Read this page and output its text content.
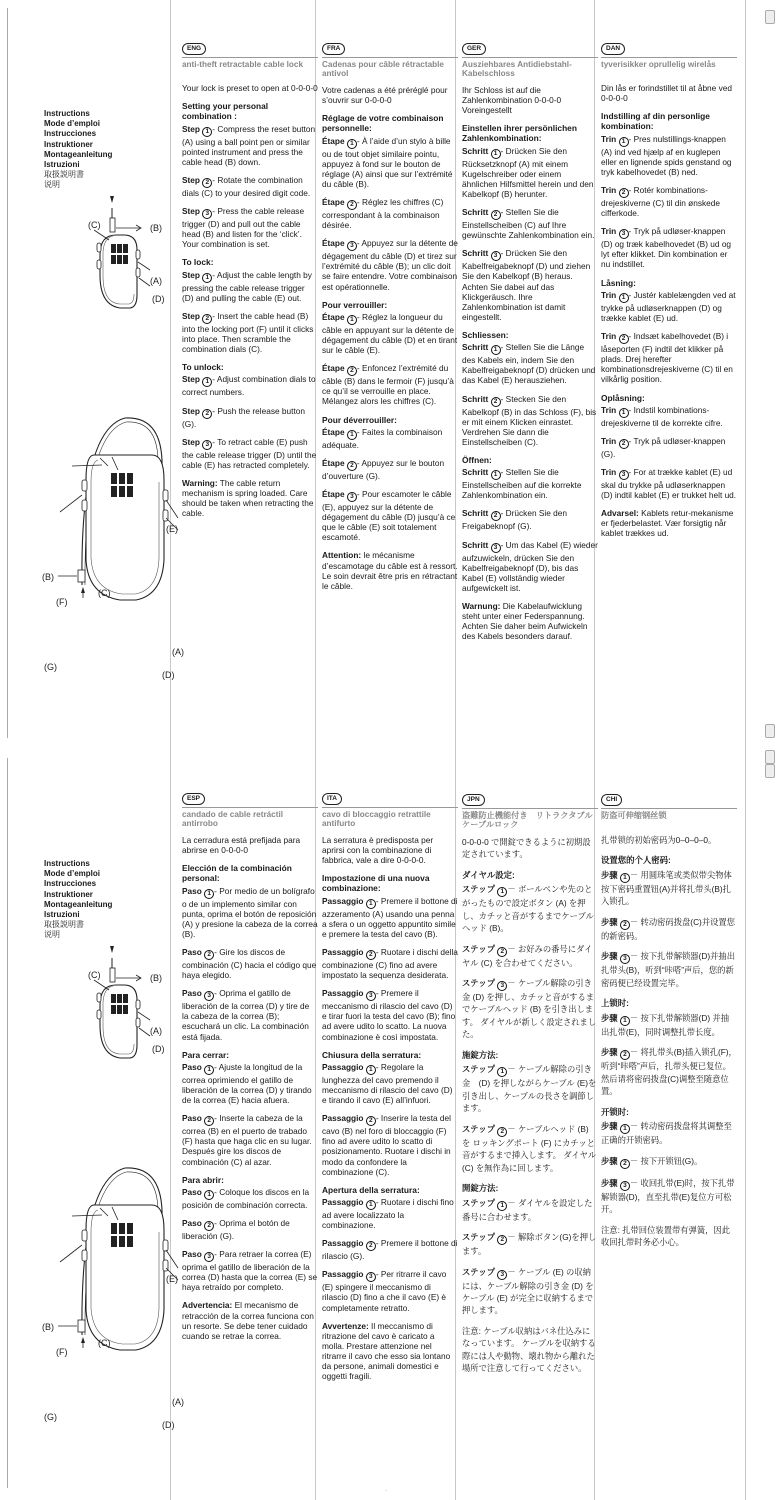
Instructions
Mode d’emploi
Instrucciones
Instruktioner
Montageanleitung
Istruzioni
取扱説明書
说明
(C)	(B)
(A)
(D)
(E)
(B)
(C)
(F)
(G)
(A)
(D)
ENG
anti-theft retractable cable lock

Your lock is preset to open at 0-0-0-0

Setting your personal combination :

Step 1 - Compress the reset button (A) using a ball point pen or similar pointed instrument and press the cable head (B) down.

Step 2 - Rotate the combination dials (C) to your desired digit code.

Step 3 - Press the cable release trigger (D) and pull out the cable head (B) and listen for the ‘click’. Your combination is set.

To lock:

Step 1 - Adjust the cable length by pressing the cable release trigger (D) and pulling the cable (E) out.

Step 2 - Insert the cable head (B) into the locking port (F) until it clicks into place. Then scramble the combination dials (C).

To unlock:

Step 1 - Adjust combination dials to correct numbers.

Step 2 - Push the release button (G).

Step 3 - To retract cable (E) push the cable release trigger (D) until the cable (E) has retracted completely.

Warning: The cable return mechanism is spring loaded. Care should be taken when retracting the cable.

FRA
Cadenas pour câble rétractable antivol

Votre cadenas a été préréglé pour s’ouvrir sur 0-0-0-0

Réglage de votre combinaison personnelle:

Étape 1 - À l’aide d’un stylo à bille ou de tout objet similaire pointu, appuyez à fond sur le bouton de réglage (A) ainsi que sur l’extrémité du câble (B).

Étape 2 - Réglez les chiffres (C) correspondant à la combinaison désirée.

Étape 3 - Appuyez sur la détente de dégagement du câble (D) et tirez sur l’extrémité du câble (B); un clic doit se faire entendre. Votre combinaison est opérationnelle.

Pour verrouiller:

Étape 1 - Réglez la longueur du câble en appuyant sur la détente de dégagement du câble (D) et en tirant sur le câble (E).

Étape 2 - Enfoncez l’extrémité du câble (B) dans le fermoir (F) jusqu’à ce qu’il se verrouille en place. Mélangez alors les chiffres (C).

Pour déverrouiller:

Étape 1 - Faites la combinaison adéquate.

Étape 2 - Appuyez sur le bouton d’ouverture (G).

Étape 3 - Pour escamoter le câble (E), appuyez sur la détente de dégagement du câble (D) jusqu’à ce que le câble (E) soit totalement escamoté.

Attention: le mécanisme d’escamotage du câble est à ressort. Le soin devrait être pris en rétractant le câble.

GER
Ausziehbares Antidiebstahl-Kabelschloss

Ihr Schloss ist auf die Zahlenkombination 0-0-0-0 Voreingestellt

Einstellen ihrer persönlichen Zahlenkombination:

Schritt 1 - Drücken Sie den Rücksetzknopf (A) mit einem Kugelschreiber oder einem ähnlichen Hilfsmittel herein und den Kabelkopf (B) herunter.

Schritt 2 - Stellen Sie die Einstellscheiben (C) auf Ihre gewünschte Zahlenkombination ein.

Schritt 3 - Drücken Sie den Kabelfreigabeknopf (D) und ziehen Sie den Kabelkopf (B) heraus. Achten Sie dabei auf das Klickgeräusch. Ihre Zahlenkombination ist damit eingestellt.

Schliessen:

Schritt 1 - Stellen Sie die Länge des Kabels ein, indem Sie den Kabelfreigabeknopf (D) drücken und das Kabel (E) herausziehen.

Schritt 2 - Stecken Sie den Kabelkopf (B) in das Schloss (F), bis er mit einem Klicken einrastet. Verdrehen Sie dann die Einstellscheiben (C).

Öffnen:

Schritt 1 - Stellen Sie die Einstellscheiben auf die korrekte Zahlenkombination ein.

Schritt 2 - Drücken Sie den Freigabeknopf (G).

Schritt 3 - Um das Kabel (E) wieder aufzuwickeln, drücken Sie den Kabelfreigabeknopf (D), bis das Kabel (E) vollständig wieder aufgewickelt ist.

Warnung: Die Kabelaufwicklung steht unter einer Federspannung. Achten Sie daher beim Aufwickeln des Kabels besonders darauf.

DAN
tyverisikker oprullelig wirelås

Din lås er forindstillet til at åbne ved 0-0-0-0

Indstilling af din personlige kombination:

Trin 1 - Pres nulstillings-knappen (A) ind ved hjælp af en kuglepen eller en lignende spids genstand og tryk kabelhovedet (B) ned.

Trin 2 - Rotér kombinations-drejeskiverne (C) til din ønskede cifferkode.

Trin 3 - Tryk på udløser-knappen (D) og træk kabelhovedet (B) ud og lyt efter klikket. Din kombination er nu indstillet.

Låsning:

Trin 1 - Justér kablelængden ved at trykke på udløserknappen (D) og trække kablet (E) ud.

Trin 2 - Indsæt kabelhovedet (B) i låseporten (F) indtil det klikker på plads. Drej herefter kombinationsdrejeskiverne (C) til en vilkårlig position.

Oplåsning:

Trin 1 - Indstil kombinations-drejeskiverne til de korrekte cifre.

Trin 2 - Tryk på udløser-knappen (G).

Trin 3 - For at trække kablet (E) ud skal du trykke på udløserknappen (D) indtil kablet (E) er trukket helt ud.

Advarsel: Kablets retur-mekanisme er fjederbelastet. Vær forsigtig når kablet trækkes ud.

Instructions
Mode d’emploi
Instrucciones
Instruktioner
Montageanleitung
Istruzioni
取扱説明書
说明
(C)	(B)
(A)
(D)
(E)
(B)
(C)
(F)
(G)
(A)
(D)
ESP
candado de cable retráctil antirrobo

La cerradura está prefijada para abrirse en 0-0-0-0

Elección de la combinación personal:

Paso 1 - Por medio de un bolígrafo o de un implemento similar con punta, oprima el botón de reposición (A) y presione la cabeza de la correa (B).

Paso 2 - Gire los discos de combinación (C) hacia el código que haya elegido.

Paso 3 - Oprima el gatillo de liberación de la correa (D) y tire de la cabeza de la correa (B); escuchará un clic. La combinación está fijada.

Para cerrar:

Paso 1 - Ajuste la longitud de la correa oprimiendo el gatillo de liberación de la correa (D) y tirando de la correa (E) hacia afuera.

Paso 2 - Inserte la cabeza de la correa (B) en el puerto de trabado (F) hasta que haga clic en su lugar. Después gire los discos de combinación (C) al azar.

Para abrir:

Paso 1 - Coloque los discos en la posición de combinación correcta.

Paso 2 - Oprima el botón de liberación (G).

Paso 3 - Para retraer la correa (E) oprima el gatillo de liberación de la correa (D) hasta que la correa (E) se haya retraído por completo.

Advertencia: El mecanismo de retracción de la correa funciona con un resorte. Se debe tener cuidado cuando se retrae la correa.

ITA
cavo di bloccaggio retrattile antifurto

La serratura è predisposta per aprirsi con la combinazione di fabbrica, vale a dire 0-0-0-0.

Impostazione di una nuova combinazione:

Passaggio 1 - Premere il bottone di azzeramento (A) usando una penna a sfera o un oggetto appuntito simile e premere la testa del cavo (B).

Passaggio 2 - Ruotare i dischi della combinazione (C) fino ad avere impostato la sequenza desiderata.

Passaggio 3 - Premere il meccanismo di rilascio del cavo (D) e tirar fuori la testa del cavo (B); fino ad avere udito lo scatto. La nuova combinazione è così impostata.

Chiusura della serratura:

Passaggio 1 - Regolare la lunghezza del cavo premendo il meccanismo di rilascio del cavo (D) e tirando il cavo (E) all’infuori.

Passaggio 2 - Inserire la testa del cavo (B) nel foro di bloccaggio (F) fino ad avere udito lo scatto di posizionamento. Ruotare i dischi in modo da confondere la combinazione (C).

Apertura della serratura:

Passaggio 1 - Ruotare i dischi fino ad avere localizzato la combinazione.

Passaggio 2 - Premere il bottone di rilascio (G).

Passaggio 3 - Per ritrarre il cavo (E) spingere il meccanismo di rilascio (D) fino a che il cavo (E) è completamente retratto.

Avvertenze: Il meccanismo di ritrazione del cavo è caricato a molla. Prestare attenzione nel ritrarre il cavo che esso sia lontano da persone, animali domestici e oggetti fragili.

JPN
盗難防止機能付き　リトラクタブル　ケーブルロック

0-0-0-0 で開錠できるように初期設定されています。

ダイヤル設定:

ステップ 1 － ボールペンや先のとがったもので設定ボタン (A) を押し、カチッと音がするまでケーブルヘッド (B)。

ステップ 2 － お好みの番号にダイヤル (C) を合わせてください。

ステップ 3 － ケーブル解除の引き金 (D) を押し、カチッと音がするまでケーブルヘッド (B) を引き出します。 ダイヤルが新しく設定されました。

施錠方法:

ステップ 1 － ケーブル解除の引き金　(D) を押しながらケーブル (E)を引き出し、ケーブルの長さを調節します。

ステップ 2 － ケーブルヘッド (B) を ロッキングポート (F) にカチッと音がするまで挿入します。 ダイヤル (C) を無作為に回します。

開錠方法:

ステップ 1 － ダイヤルを設定した番号に合わせます。

ステップ 2 － 解除ボタン(G)を押します。

ステップ 3 － ケーブル (E) の収納には、ケーブル解除の引き金 (D) を ケーブル (E) が完全に収納するまで押します。

注意: ケーブル収納はバネ仕込みになっています。 ケーブルを収納する際には人や動物、壊れ物から離れた場所で注意して行ってください。

CHI
防盗可伸缩钢丝锁

扎带锁的初始密码为0–0–0–0。

设置您的个人密码:

步骤 1 － 用圆珠笔或类似带尖物体按下密码重置钮(A)并将扎带头(B)扎入锁孔。

步骤 2 － 转动密码拨盘(C)并设置您的新密码。

步骤 3 － 按下扎带解锁器(D)并抽出扎带头(B)，听到“咔嗒”声后，您的新密码便已经设置完毕。

上锁时:

步骤 1 － 按下扎带解锁器(D) 并抽出扎带(E)，同时调整扎带长度。

步骤 2 － 将扎带头(B)插入锁孔(F)，听到“咔嗒”声后，扎带头便已复位。然后请将密码拨盘(C)调整至随意位置。

开锁时:

步骤 1 － 转动密码拨盘将其调整至正确的开锁密码。

步骤 2 － 按下开锁钮(G)。

步骤 3 － 收回扎带(E)时，按下扎带解锁器(D)，直至扎带(E)复位方可松开。

注意: 扎带回位装置带有弹簧，因此收回扎带时务必小心。

·
